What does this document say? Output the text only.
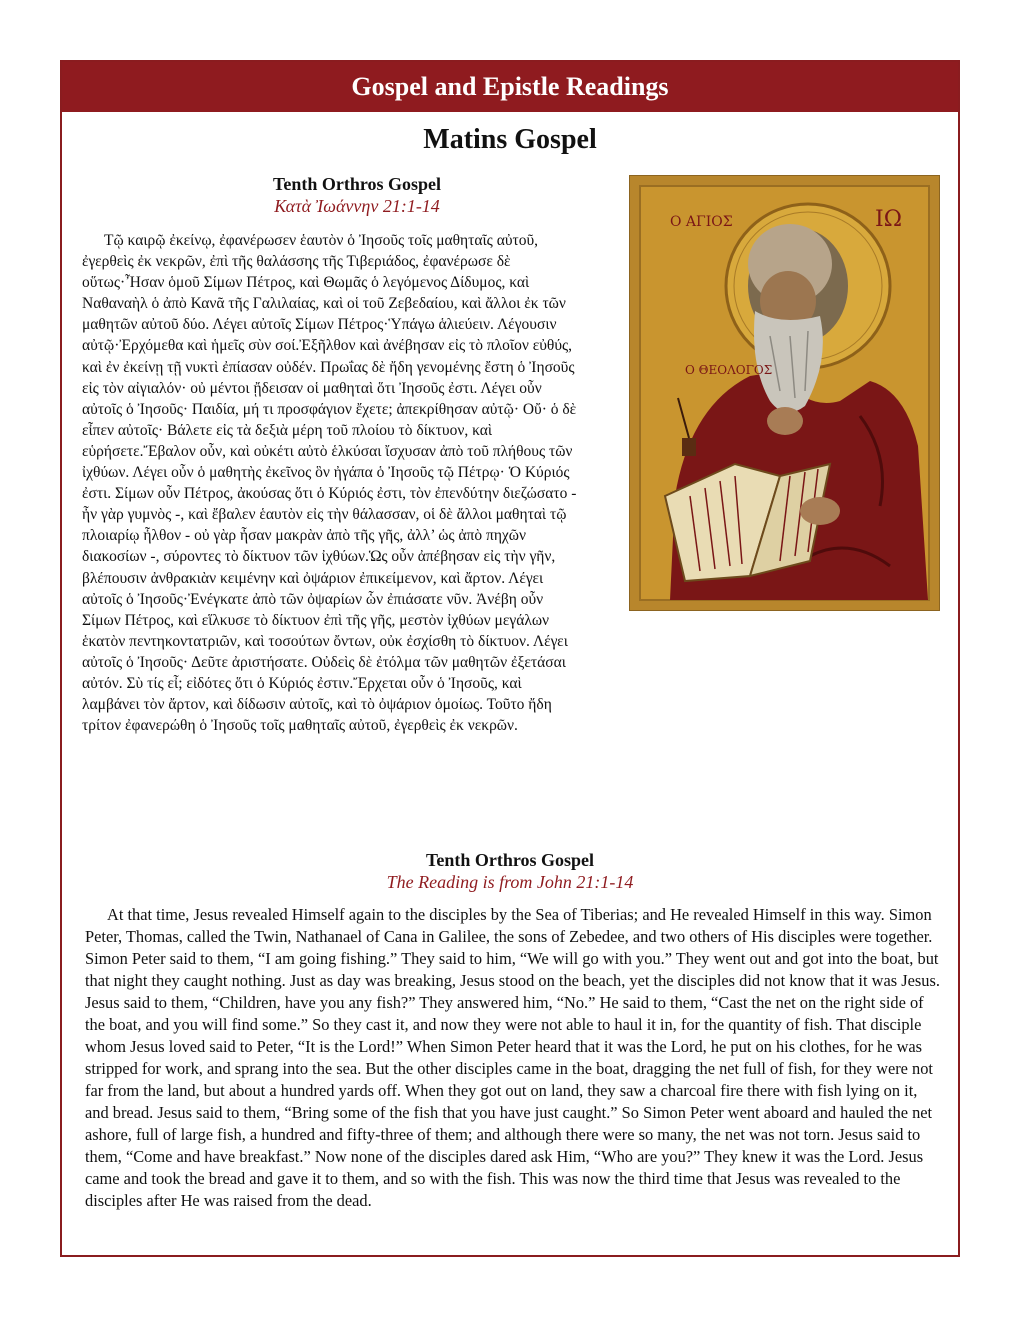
Gospel and Epistle Readings
Matins Gospel
Tenth Orthros Gospel
Κατὰ Ἰωάννην 21:1-14

Τῷ καιρῷ ἐκείνῳ, ἐφανέρωσεν ἑαυτὸν ὁ Ἰησοῦς τοῖς μαθηταῖς αὐτοῦ, ἐγερθεὶς ἐκ νεκρῶν, ἐπὶ τῆς θαλάσσης τῆς Τιβεριάδος, ἐφανέρωσε δὲ οὕτως·Ἦσαν ὁμοῦ Σίμων Πέτρος, καὶ Θωμᾶς ὁ λεγόμενος Δίδυμος, καὶ Ναθαναὴλ ὁ ἀπὸ Κανᾶ τῆς Γαλιλαίας, καὶ οἱ τοῦ Ζεβεδαίου, καὶ ἄλλοι ἐκ τῶν μαθητῶν αὐτοῦ δύο. Λέγει αὐτοῖς Σίμων Πέτρος·Ὑπάγω ἁλιεύειν. Λέγουσιν αὐτῷ·Ἐρχόμεθα καὶ ἡμεῖς σὺν σοί.Ἐξῆλθον καὶ ἀνέβησαν εἰς τὸ πλοῖον εὐθύς, καὶ ἐν ἐκείνῃ τῇ νυκτὶ ἐπίασαν οὐδέν. Πρωΐας δὲ ἤδη γενομένης ἔστη ὁ Ἰησοῦς εἰς τὸν αἰγιαλόν· οὐ μέντοι ᾔδεισαν οἱ μαθηταὶ ὅτι Ἰησοῦς ἐστι. Λέγει οὖν αὐτοῖς ὁ Ἰησοῦς· Παιδία, μή τι προσφάγιον ἔχετε; ἀπεκρίθησαν αὐτῷ· Οὔ· ὁ δὲ εἶπεν αὐτοῖς· Βάλετε εἰς τὰ δεξιὰ μέρη τοῦ πλοίου τὸ δίκτυον, καὶ εὑρήσετε.Ἔβαλον οὖν, καὶ οὐκέτι αὐτὸ ἑλκύσαι ἴσχυσαν ἀπὸ τοῦ πλήθους τῶν ἰχθύων. Λέγει οὖν ὁ μαθητὴς ἐκεῖνος ὃν ἠγάπα ὁ Ἰησοῦς τῷ Πέτρῳ· Ὁ Κύριός ἐστι. Σίμων οὖν Πέτρος, ἀκούσας ὅτι ὁ Κύριός ἐστι, τὸν ἐπενδύτην διεζώσατο - ἦν γὰρ γυμνὸς -, καὶ ἔβαλεν ἑαυτὸν εἰς τὴν θάλασσαν, οἱ δὲ ἄλλοι μαθηταὶ τῷ πλοιαρίῳ ἦλθον - οὐ γὰρ ἦσαν μακρὰν ἀπὸ τῆς γῆς, ἀλλ’ ὡς ἀπὸ πηχῶν διακοσίων -, σύροντες τὸ δίκτυον τῶν ἰχθύων.Ὡς οὖν ἀπέβησαν εἰς τὴν γῆν, βλέπουσιν ἀνθρακιὰν κειμένην καὶ ὀψάριον ἐπικείμενον, καὶ ἄρτον. Λέγει αὐτοῖς ὁ Ἰησοῦς·Ἐνέγκατε ἀπὸ τῶν ὀψαρίων ὧν ἐπιάσατε νῦν. Ἀνέβη οὖν Σίμων Πέτρος, καὶ εἵλκυσε τὸ δίκτυον ἐπὶ τῆς γῆς, μεστὸν ἰχθύων μεγάλων ἑκατὸν πεντηκοντατριῶν, καὶ τοσούτων ὄντων, οὐκ ἐσχίσθη τὸ δίκτυον. Λέγει αὐτοῖς ὁ Ἰησοῦς· Δεῦτε ἀριστήσατε. Οὐδεὶς δὲ ἐτόλμα τῶν μαθητῶν ἐξετάσαι αὐτόν. Σὺ τίς εἶ; εἰδότες ὅτι ὁ Κύριός ἐστιν.Ἔρχεται οὖν ὁ Ἰησοῦς, καὶ λαμβάνει τὸν ἄρτον, καὶ δίδωσιν αὐτοῖς, καὶ τὸ ὀψάριον ὁμοίως. Τοῦτο ἤδη τρίτον ἐφανερώθη ὁ Ἰησοῦς τοῖς μαθηταῖς αὐτοῦ, ἐγερθεὶς ἐκ νεκρῶν.

Ο ΑΓΙΟΣ	ΙΩ
Ο ΘΕΟΛΟΓΟΣ
Tenth Orthros Gospel
The Reading is from John 21:1-14

At that time, Jesus revealed Himself again to the disciples by the Sea of Tiberias; and He revealed Himself in this way. Simon Peter, Thomas, called the Twin, Nathanael of Cana in Galilee, the sons of Zebedee, and two others of His disciples were together. Simon Peter said to them, “I am going fishing.” They said to him, “We will go with you.” They went out and got into the boat, but that night they caught nothing. Just as day was breaking, Jesus stood on the beach, yet the disciples did not know that it was Jesus. Jesus said to them, “Children, have you any fish?” They answered him, “No.” He said to them, “Cast the net on the right side of the boat, and you will find some.” So they cast it, and now they were not able to haul it in, for the quantity of fish. That disciple whom Jesus loved said to Peter, “It is the Lord!” When Simon Peter heard that it was the Lord, he put on his clothes, for he was stripped for work, and sprang into the sea. But the other disciples came in the boat, dragging the net full of fish, for they were not far from the land, but about a hundred yards off. When they got out on land, they saw a charcoal fire there with fish lying on it, and bread. Jesus said to them, “Bring some of the fish that you have just caught.” So Simon Peter went aboard and hauled the net ashore, full of large fish, a hundred and fifty-three of them; and although there were so many, the net was not torn. Jesus said to them, “Come and have breakfast.” Now none of the disciples dared ask Him, “Who are you?” They knew it was the Lord. Jesus came and took the bread and gave it to them, and so with the fish. This was now the third time that Jesus was revealed to the disciples after He was raised from the dead.
